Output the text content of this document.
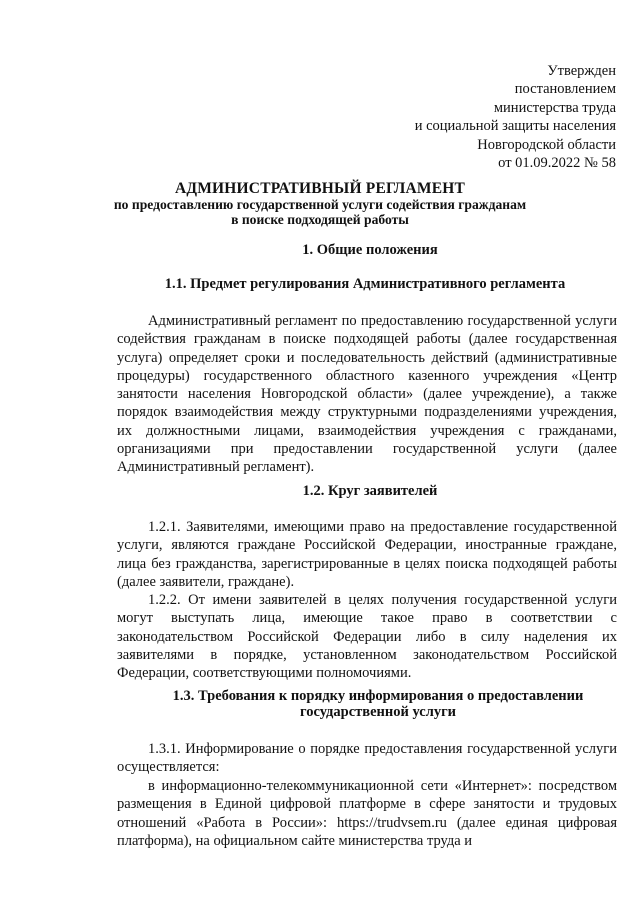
Утвержден
постановлением
министерства труда
и социальной защиты населения
Новгородской области
от 01.09.2022 № 58
АДМИНИСТРАТИВНЫЙ РЕГЛАМЕНТ
по предоставлению государственной услуги содействия гражданам в поиске подходящей работы
1. Общие положения
1.1. Предмет регулирования Административного регламента
Административный регламент по предоставлению государственной услуги содействия гражданам в поиске подходящей работы (далее государственная услуга) определяет сроки и последовательность действий (административные процедуры) государственного областного казенного учреждения «Центр занятости населения Новгородской области» (далее учреждение), а также порядок взаимодействия между структурными подразделениями учреждения, их должностными лицами, взаимодействия учреждения с гражданами, организациями при предоставлении государственной услуги (далее Административный регламент).
1.2. Круг заявителей
1.2.1. Заявителями, имеющими право на предоставление государственной услуги, являются граждане Российской Федерации, иностранные граждане, лица без гражданства, зарегистрированные в целях поиска подходящей работы (далее заявители, граждане).
1.2.2. От имени заявителей в целях получения государственной услуги могут выступать лица, имеющие такое право в соответствии с законодательством Российской Федерации либо в силу наделения их заявителями в порядке, установленном законодательством Российской Федерации, соответствующими полномочиями.
1.3. Требования к порядку информирования о предоставлении
государственной услуги
1.3.1. Информирование о порядке предоставления государственной услуги осуществляется:
в информационно-телекоммуникационной сети «Интернет»: посредством размещения в Единой цифровой платформе в сфере занятости и трудовых отношений «Работа в России»: https://trudvsem.ru (далее единая цифровая платформа), на официальном сайте министерства труда и
